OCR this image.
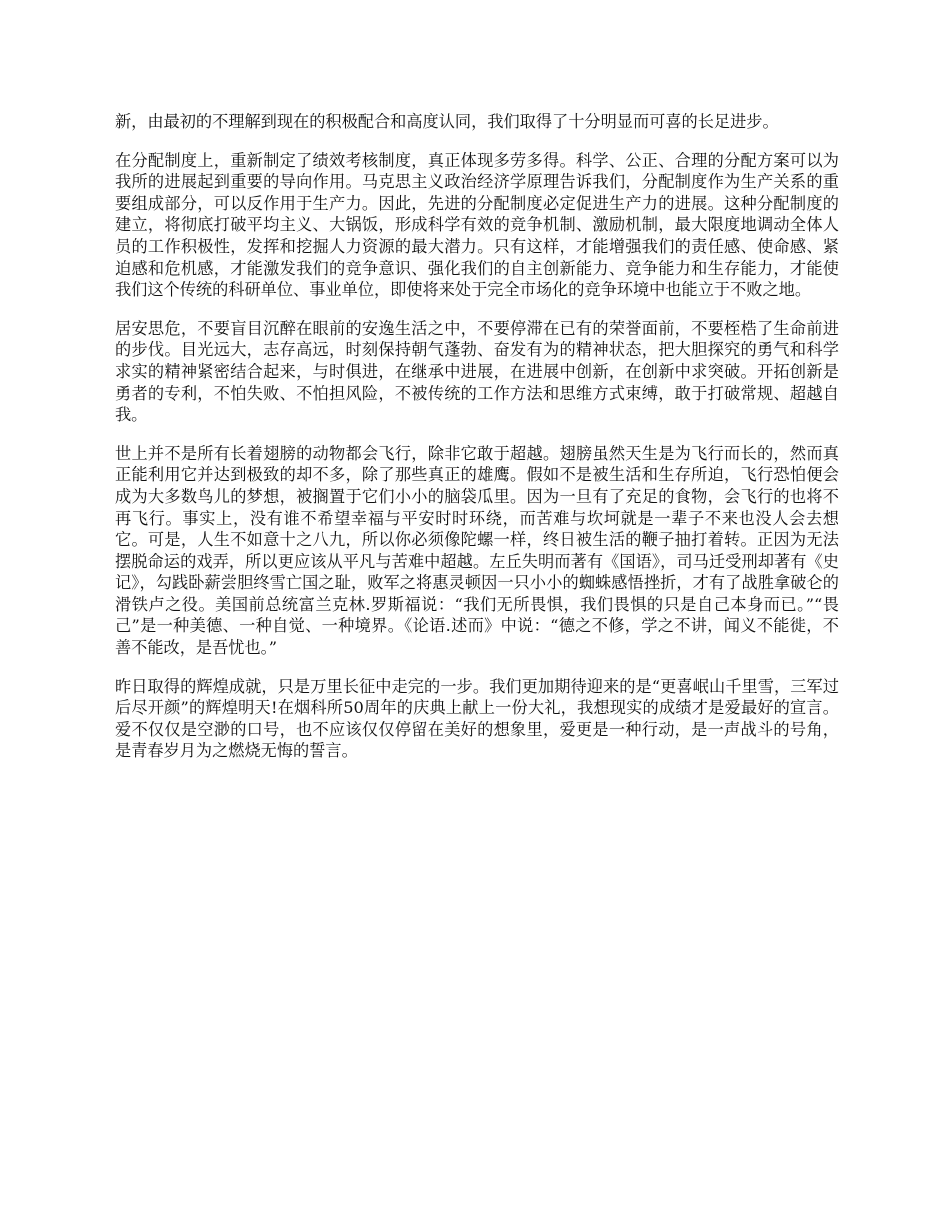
新，由最初的不理解到现在的积极配合和高度认同，我们取得了十分明显而可喜的长足进步。

在分配制度上，重新制定了绩效考核制度，真正体现多劳多得。科学、公正、合理的分配方案可以为我所的进展起到重要的导向作用。马克思主义政治经济学原理告诉我们，分配制度作为生产关系的重要组成部分，可以反作用于生产力。因此，先进的分配制度必定促进生产力的进展。这种分配制度的建立，将彻底打破平均主义、大锅饭，形成科学有效的竞争机制、激励机制，最大限度地调动全体人员的工作积极性，发挥和挖掘人力资源的最大潜力。只有这样，才能增强我们的责任感、使命感、紧迫感和危机感，才能激发我们的竞争意识、强化我们的自主创新能力、竞争能力和生存能力，才能使我们这个传统的科研单位、事业单位，即使将来处于完全市场化的竞争环境中也能立于不败之地。

居安思危，不要盲目沉醉在眼前的安逸生活之中，不要停滞在已有的荣誉面前，不要桎梏了生命前进的步伐。目光远大，志存高远，时刻保持朝气蓬勃、奋发有为的精神状态，把大胆探究的勇气和科学求实的精神紧密结合起来，与时俱进，在继承中进展，在进展中创新，在创新中求突破。开拓创新是勇者的专利，不怕失败、不怕担风险，不被传统的工作方法和思维方式束缚，敢于打破常规、超越自我。

世上并不是所有长着翅膀的动物都会飞行，除非它敢于超越。翅膀虽然天生是为飞行而长的，然而真正能利用它并达到极致的却不多，除了那些真正的雄鹰。假如不是被生活和生存所迫，飞行恐怕便会成为大多数鸟儿的梦想，被搁置于它们小小的脑袋瓜里。因为一旦有了充足的食物，会飞行的也将不再飞行。事实上，没有谁不希望幸福与平安时时环绕，而苦难与坎坷就是一辈子不来也没人会去想它。可是，人生不如意十之八九，所以你必须像陀螺一样，终日被生活的鞭子抽打着转。正因为无法摆脱命运的戏弄，所以更应该从平凡与苦难中超越。左丘失明而著有《国语》，司马迁受刑却著有《史记》，勾践卧薪尝胆终雪亡国之耻，败军之将惠灵顿因一只小小的蜘蛛感悟挫折，才有了战胜拿破仑的滑铁卢之役。美国前总统富兰克林.罗斯福说：“我们无所畏惧，我们畏惧的只是自己本身而已。”“畏己”是一种美德、一种自觉、一种境界。《论语.述而》中说：“德之不修，学之不讲，闻义不能徙，不善不能改，是吾忧也。”

昨日取得的辉煌成就，只是万里长征中走完的一步。我们更加期待迎来的是“更喜岷山千里雪，三军过后尽开颜”的辉煌明天!在烟科所50周年的庆典上献上一份大礼，我想现实的成绩才是爱最好的宣言。爱不仅仅是空渺的口号，也不应该仅仅停留在美好的想象里，爱更是一种行动，是一声战斗的号角，是青春岁月为之燃烧无悔的誓言。
